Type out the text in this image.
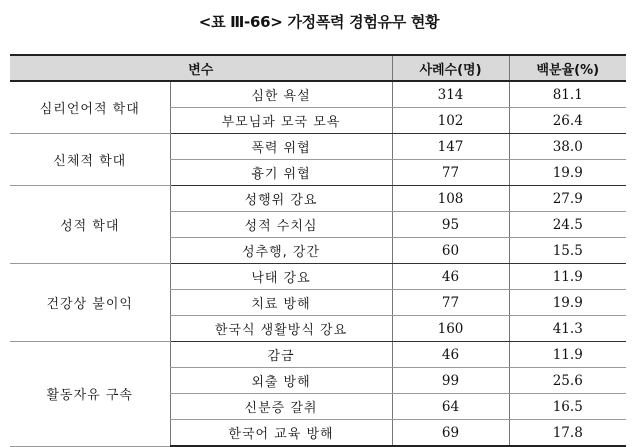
<표 Ⅲ-66> 가정폭력 경험유무 현황
변수		사례수(명)	백분율(%)
심리언어적 학대	심한 욕설	314	81.1
	부모님과 모국 모욕	102	26.4
신체적 학대	폭력 위협	147	38.0
	흉기 위협	77	19.9
성적 학대	성행위 강요	108	27.9
	성적 수치심	95	24.5
	성추행, 강간	60	15.5
건강상 불이익	낙태 강요	46	11.9
	치료 방해	77	19.9
	한국식 생활방식 강요	160	41.3
활동자유 구속	감금	46	11.9
	외출 방해	99	25.6
	신분증 갈취	64	16.5
	한국어 교육 방해	69	17.8
